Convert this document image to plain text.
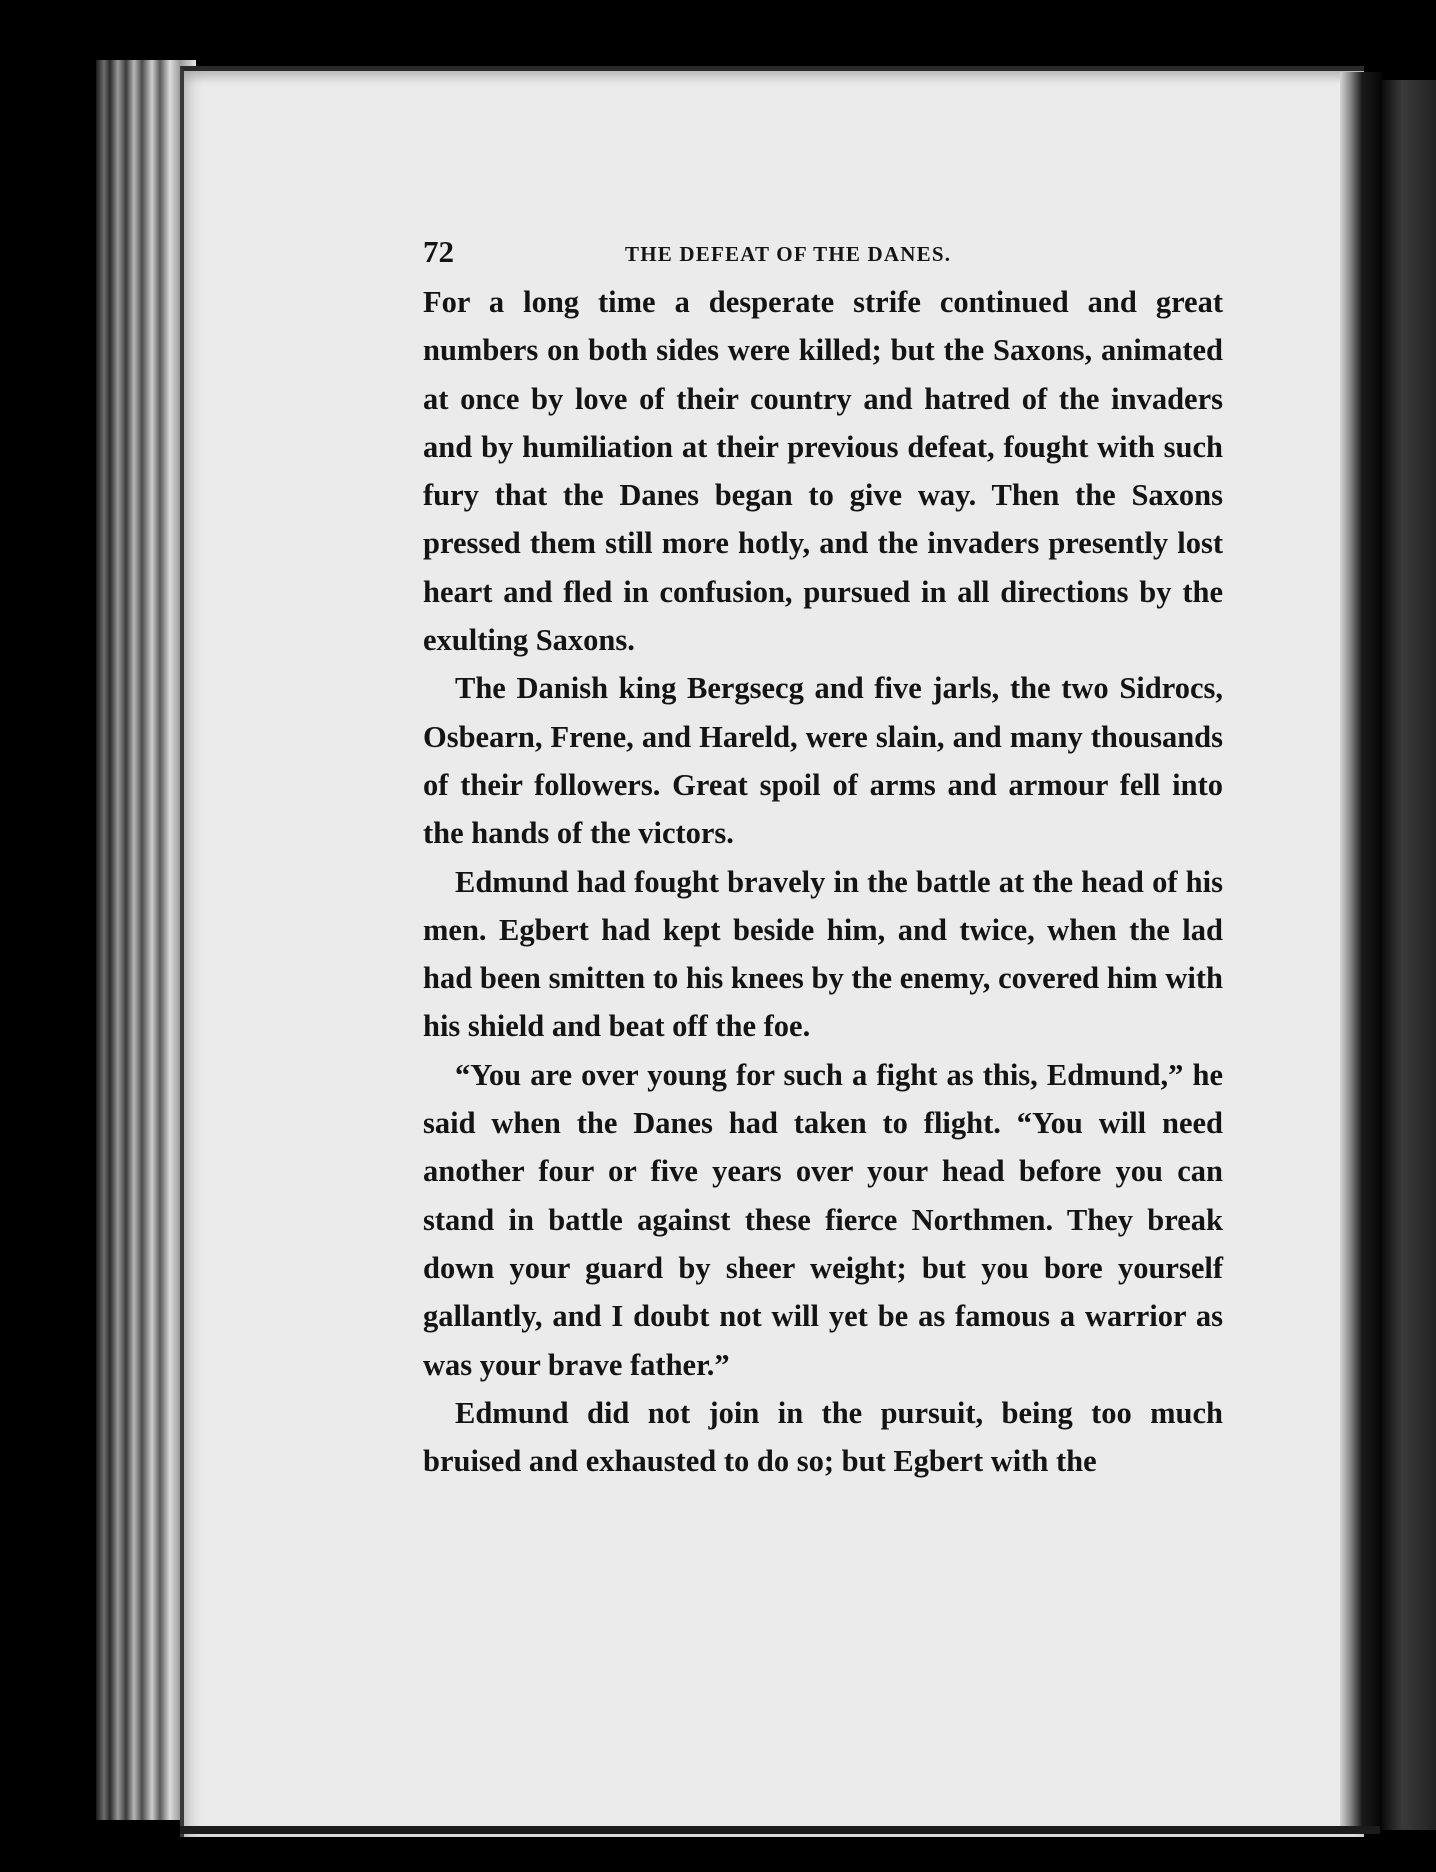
72	THE DEFEAT OF THE DANES.

For a long time a desperate strife continued and great numbers on both sides were killed; but the Saxons, animated at once by love of their country and hatred of the invaders and by humiliation at their previous defeat, fought with such fury that the Danes began to give way. Then the Saxons pressed them still more hotly, and the invaders presently lost heart and fled in confusion, pursued in all directions by the exulting Saxons.

The Danish king Bergsecg and five jarls, the two Sidrocs, Osbearn, Frene, and Hareld, were slain, and many thousands of their followers. Great spoil of arms and armour fell into the hands of the victors.

Edmund had fought bravely in the battle at the head of his men. Egbert had kept beside him, and twice, when the lad had been smitten to his knees by the enemy, covered him with his shield and beat off the foe.

“You are over young for such a fight as this, Edmund,” he said when the Danes had taken to flight. “You will need another four or five years over your head before you can stand in battle against these fierce Northmen. They break down your guard by sheer weight; but you bore yourself gallantly, and I doubt not will yet be as famous a warrior as was your brave father.”

Edmund did not join in the pursuit, being too much bruised and exhausted to do so; but Egbert with the
